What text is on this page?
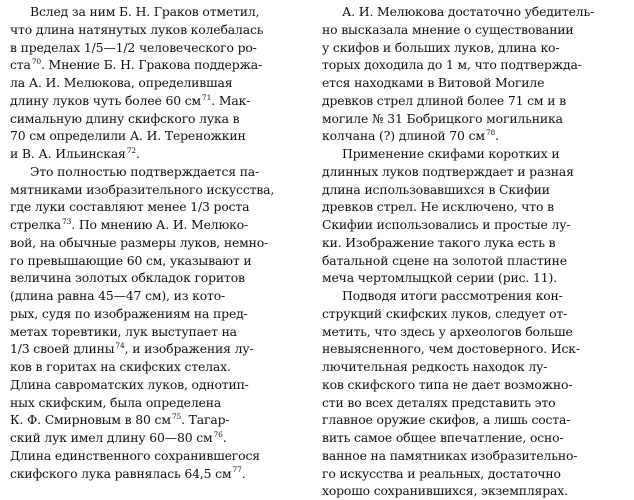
Вслед за ним Б. Н. Граков отметил,
что длина натянутых луков колебалась
в пределах 1/5—1/2 человеческого ро-
ста$^{70}$. Мнение Б. Н. Гракова поддержа-
ла А. И. Мелюкова, определившая
длину луков чуть более 60 $см^{71}$. Мак-
симальную длину скифского лука в
70 см определили А. И. Тереножкин
и В. А. Ильинская$^{72}$.
Это полностью подтверждается па-
мятниками изобразительного искусства,
где луки составляют менее 1/3 роста
стрелка$^{73}$. По мнению А. И. Мелюко-
вой, на обычные размеры луков, немно-
го превышающие 60 см, указывают и
величина золотых обкладок горитов
(длина равна 45—47 см), из кото-
рых, судя по изображениям на пред-
метах торевтики, лук выступает на
1/3 своей длины$^{74}$, и изображения лу-
ков в горитах на скифских стелах.
Длина савроматских луков, однотип-
ных скифским, была определена
К. Ф. Смирновым в 80 $см^{75}$. Тагар-
ский лук имел длину 60—80 $см^{76}$.
Длина единственного сохранившегося
скифского лука равнялась 64,5 $см^{77}$.
А. И. Мелюкова достаточно убедитель-
но высказала мнение о существовании
у скифов и больших луков, длина ко-
торых доходила до 1 м, что подтвержда-
ется находками в Витовой Могиле
древков стрел длиной более 71 см и в
могиле № 31 Бобрицкого могильника
колчана (?) длиной 70 $см^{78}$.
Применение скифами коротких и
длинных луков подтверждает и разная
длина использовавшихся в Скифии
древков стрел. Не исключено, что в
Скифии использовались и простые лу-
ки. Изображение такого лука есть в
батальной сцене на золотой пластине
меча чертомлыцкой серии (рис. 11).
Подводя итоги рассмотрения кон-
струкций скифских луков, следует от-
метить, что здесь у археологов больше
невыясненного, чем достоверного. Иск-
лючительная редкость находок лу-
ков скифского типа не дает возможно-
сти во всех деталях представить это
главное оружие скифов, а лишь соста-
вить самое общее впечатление, осно-
ванное на памятниках изобразительно-
го искусства и реальных, достаточно
хорошо сохранившихся, экземплярах.
